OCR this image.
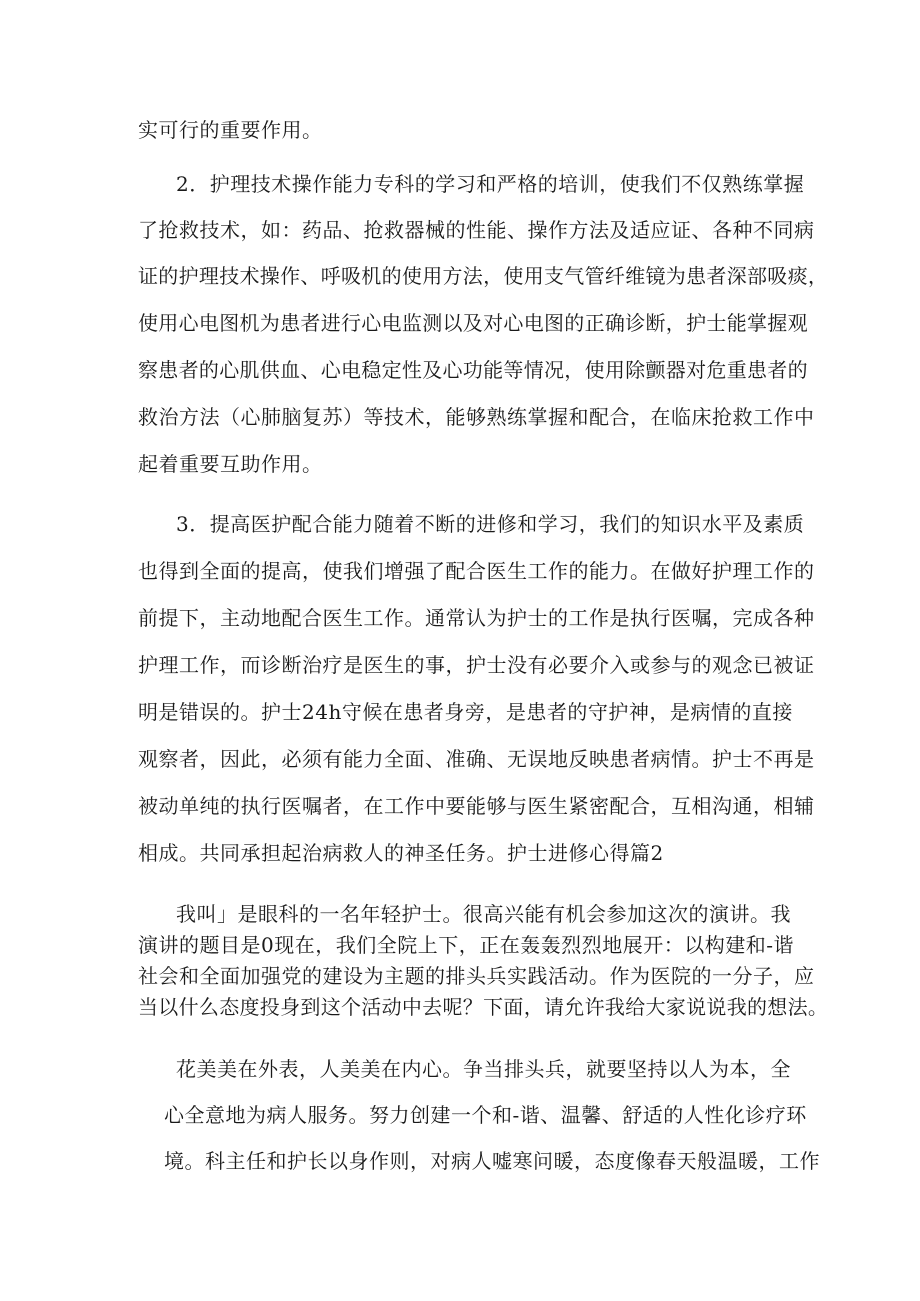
实可行的重要作用。
2．护理技术操作能力专科的学习和严格的培训，使我们不仅熟练掌握
了抢救技术，如：药品、抢救器械的性能、操作方法及适应证、各种不同病
证的护理技术操作、呼吸机的使用方法，使用支气管纤维镜为患者深部吸痰，
使用心电图机为患者进行心电监测以及对心电图的正确诊断，护士能掌握观
察患者的心肌供血、心电稳定性及心功能等情况，使用除颤器对危重患者的
救治方法（心肺脑复苏）等技术，能够熟练掌握和配合，在临床抢救工作中
起着重要互助作用。
3．提高医护配合能力随着不断的进修和学习，我们的知识水平及素质
也得到全面的提高，使我们增强了配合医生工作的能力。在做好护理工作的
前提下，主动地配合医生工作。通常认为护士的工作是执行医嘱，完成各种
护理工作，而诊断治疗是医生的事，护士没有必要介入或参与的观念已被证
明是错误的。护士24h守候在患者身旁，是患者的守护神，是病情的直接
观察者，因此，必须有能力全面、准确、无误地反映患者病情。护士不再是
被动单纯的执行医嘱者，在工作中要能够与医生紧密配合，互相沟通，相辅
相成。共同承担起治病救人的神圣任务。护士进修心得篇2
我叫」是眼科的一名年轻护士。很高兴能有机会参加这次的演讲。我
演讲的题目是0现在，我们全院上下，正在轰轰烈烈地展开：以构建和-谐
社会和全面加强党的建设为主题的排头兵实践活动。作为医院的一分子，应
当以什么态度投身到这个活动中去呢？下面，请允许我给大家说说我的想法。
花美美在外表，人美美在内心。争当排头兵，就要坚持以人为本，全
心全意地为病人服务。努力创建一个和-谐、温馨、舒适的人性化诊疗环
境。科主任和护长以身作则，对病人嘘寒问暖，态度像春天般温暖，工作
